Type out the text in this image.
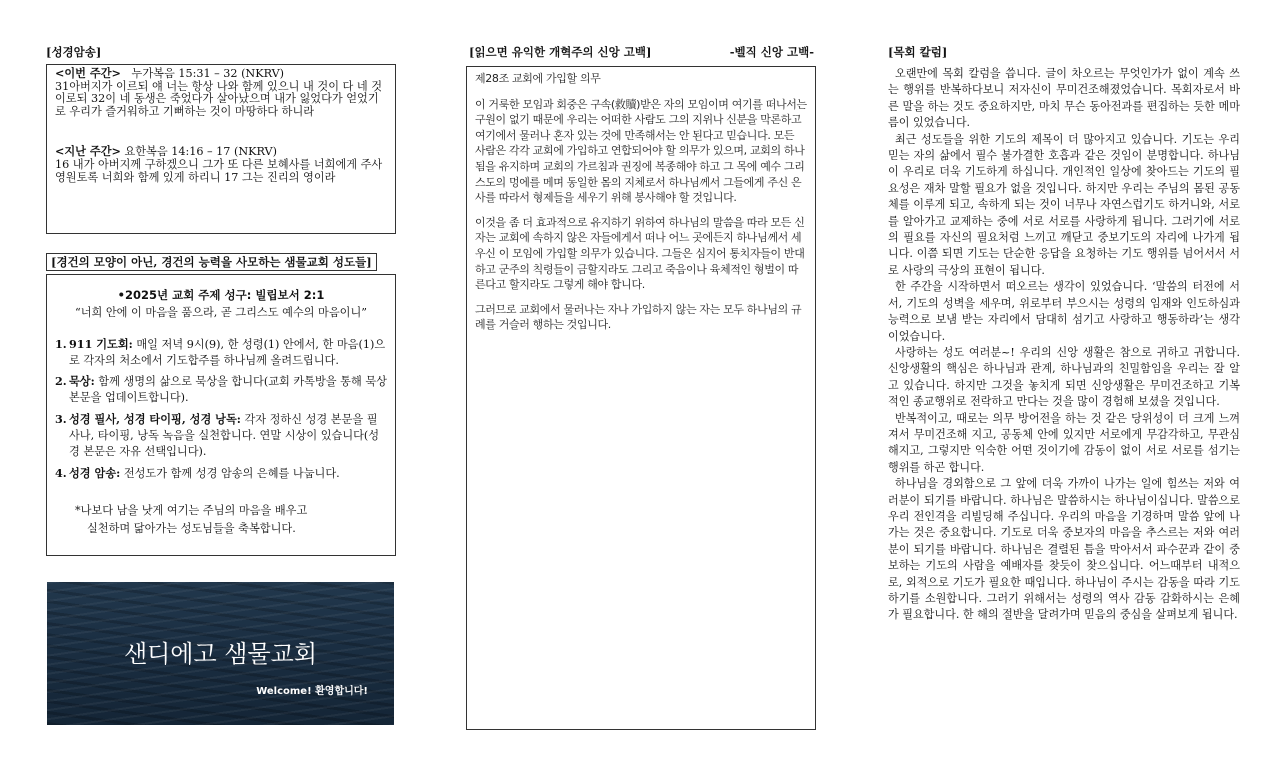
[성경암송]

<이번 주간> 누가복음 15:31 – 32 (NKRV)

31아버지가 이르되 얘 너는 항상 나와 함께 있으니 내 것이 다 네 것이로되 32이 네 동생은 죽었다가 살아났으며 내가 잃었다가 얻었기로 우리가 즐거워하고 기뻐하는 것이 마땅하다 하니라

<지난 주간> 요한복음 14:16 – 17 (NKRV)

16 내가 아버지께 구하겠으니 그가 또 다른 보혜사를 너희에게 주사 영원토록 너희와 함께 있게 하리니 17 그는 진리의 영이라

[경건의 모양이 아닌, 경건의 능력을 사모하는 샘물교회 성도들]

•2025년 교회 주제 성구: 빌립보서 2:1

“너희 안에 이 마음을 품으라, 곧 그리스도 예수의 마음이니”

1. 911 기도회: 매일 저녁 9시(9), 한 성령(1) 안에서, 한 마음(1)으로 각자의 처소에서 기도합주를 하나님께 올려드립니다.
2. 묵상: 함께 생명의 삶으로 묵상을 합니다(교회 카톡방을 통해 묵상 본문을 업데이트합니다).
3. 성경 필사, 성경 타이핑, 성경 낭독: 각자 정하신 성경 본문을 필사나, 타이핑, 낭독 녹음을 실천합니다. 연말 시상이 있습니다(성경 본문은 자유 선택입니다).
4. 성경 암송: 전성도가 함께 성경 암송의 은혜를 나눕니다.

*나보다 남을 낫게 여기는 주님의 마음을 배우고

실천하며 닮아가는 성도님들을 축복합니다.

샌디에고 샘물교회
Welcome! 환영합니다!
[읽으면 유익한 개혁주의 신앙 고백]	-벨직 신앙 고백-

제28조 교회에 가입할 의무

이 거룩한 모임과 회중은 구속(救贖)받은 자의 모임이며 여기를 떠나서는 구원이 없기 때문에 우리는 어떠한 사람도 그의 지위나 신분을 막론하고 여기에서 물러나 혼자 있는 것에 만족해서는 안 된다고 믿습니다. 모든 사람은 각각 교회에 가입하고 연합되어야 할 의무가 있으며, 교회의 하나 됨을 유지하며 교회의 가르침과 권징에 복종해야 하고 그 목에 예수 그리스도의 멍에를 메며 동일한 몸의 지체로서 하나님께서 그들에게 주신 은사를 따라서 형제들을 세우기 위해 봉사해야 할 것입니다.

이것을 좀 더 효과적으로 유지하기 위하여 하나님의 말씀을 따라 모든 신자는 교회에 속하지 않은 자들에게서 떠나 어느 곳에든지 하나님께서 세우신 이 모임에 가입할 의무가 있습니다. 그들은 심지어 통치자들이 반대하고 군주의 칙령들이 금할지라도 그리고 죽음이나 육체적인 형벌이 따른다고 할지라도 그렇게 해야 합니다.

그러므로 교회에서 물러나는 자나 가입하지 않는 자는 모두 하나님의 규례를 거슬러 행하는 것입니다.

[목회 칼럼]

오랜만에 목회 칼럼을 씁니다. 글이 차오르는 무엇인가가 없이 계속 쓰는 행위를 반복하다보니 저자신이 무미건조해졌었습니다. 목회자로서 바른 말을 하는 것도 중요하지만, 마치 무슨 동아전과를 편집하는 듯한 메마름이 있었습니다.

최근 성도들을 위한 기도의 제목이 더 많아지고 있습니다. 기도는 우리 믿는 자의 삶에서 필수 불가결한 호흡과 같은 것임이 분명합니다. 하나님이 우리로 더욱 기도하게 하십니다. 개인적인 일상에 찾아드는 기도의 필요성은 재차 말할 필요가 없을 것입니다. 하지만 우리는 주님의 몸된 공동체를 이루게 되고, 속하게 되는 것이 너무나 자연스럽기도 하거니와, 서로를 알아가고 교제하는 중에 서로 서로를 사랑하게 됩니다. 그러기에 서로의 필요를 자신의 필요처럼 느끼고 깨닫고 중보기도의 자리에 나가게 됩니다. 이쯤 되면 기도는 단순한 응답을 요청하는 기도 행위를 넘어서서 서로 사랑의 극상의 표현이 됩니다.

한 주간을 시작하면서 떠오르는 생각이 있었습니다. ‘말씀의 터전에 서서, 기도의 성벽을 세우며, 위로부터 부으시는 성령의 임재와 인도하심과 능력으로 보냄 받는 자리에서 담대히 섬기고 사랑하고 행동하라’는 생각이었습니다.

사랑하는 성도 여러분~! 우리의 신앙 생활은 참으로 귀하고 귀합니다. 신앙생활의 핵심은 하나님과 관계, 하나님과의 친밀함임을 우리는 잘 알고 있습니다. 하지만 그것을 놓치게 되면 신앙생활은 무미건조하고 기복적인 종교행위로 전락하고 만다는 것을 많이 경험해 보셨을 것입니다.

반복적이고, 때로는 의무 방어전을 하는 것 같은 당위성이 더 크게 느껴져서 무미건조해 지고, 공동체 안에 있지만 서로에게 무감각하고, 무관심해지고, 그렇지만 익숙한 어떤 것이기에 감동이 없이 서로 서로를 섬기는 행위를 하곤 합니다.

하나님을 경외함으로 그 앞에 더욱 가까이 나가는 일에 힘쓰는 저와 여러분이 되기를 바랍니다. 하나님은 말씀하시는 하나님이십니다. 말씀으로 우리 전인격을 리빌딩해 주십니다. 우리의 마음을 기경하며 말씀 앞에 나가는 것은 중요합니다. 기도로 더욱 중보자의 마음을 추스르는 저와 여러분이 되기를 바랍니다. 하나님은 결렬된 틈을 막아서서 파수꾼과 같이 중보하는 기도의 사람을 예배자를 찾듯이 찾으십니다. 어느때부터 내적으로, 외적으로 기도가 필요한 때입니다. 하나님이 주시는 감동을 따라 기도하기를 소원합니다. 그러기 위해서는 성령의 역사 감동 감화하시는 은혜가 필요합니다. 한 해의 절반을 달려가며 믿음의 중심을 살펴보게 됩니다.
